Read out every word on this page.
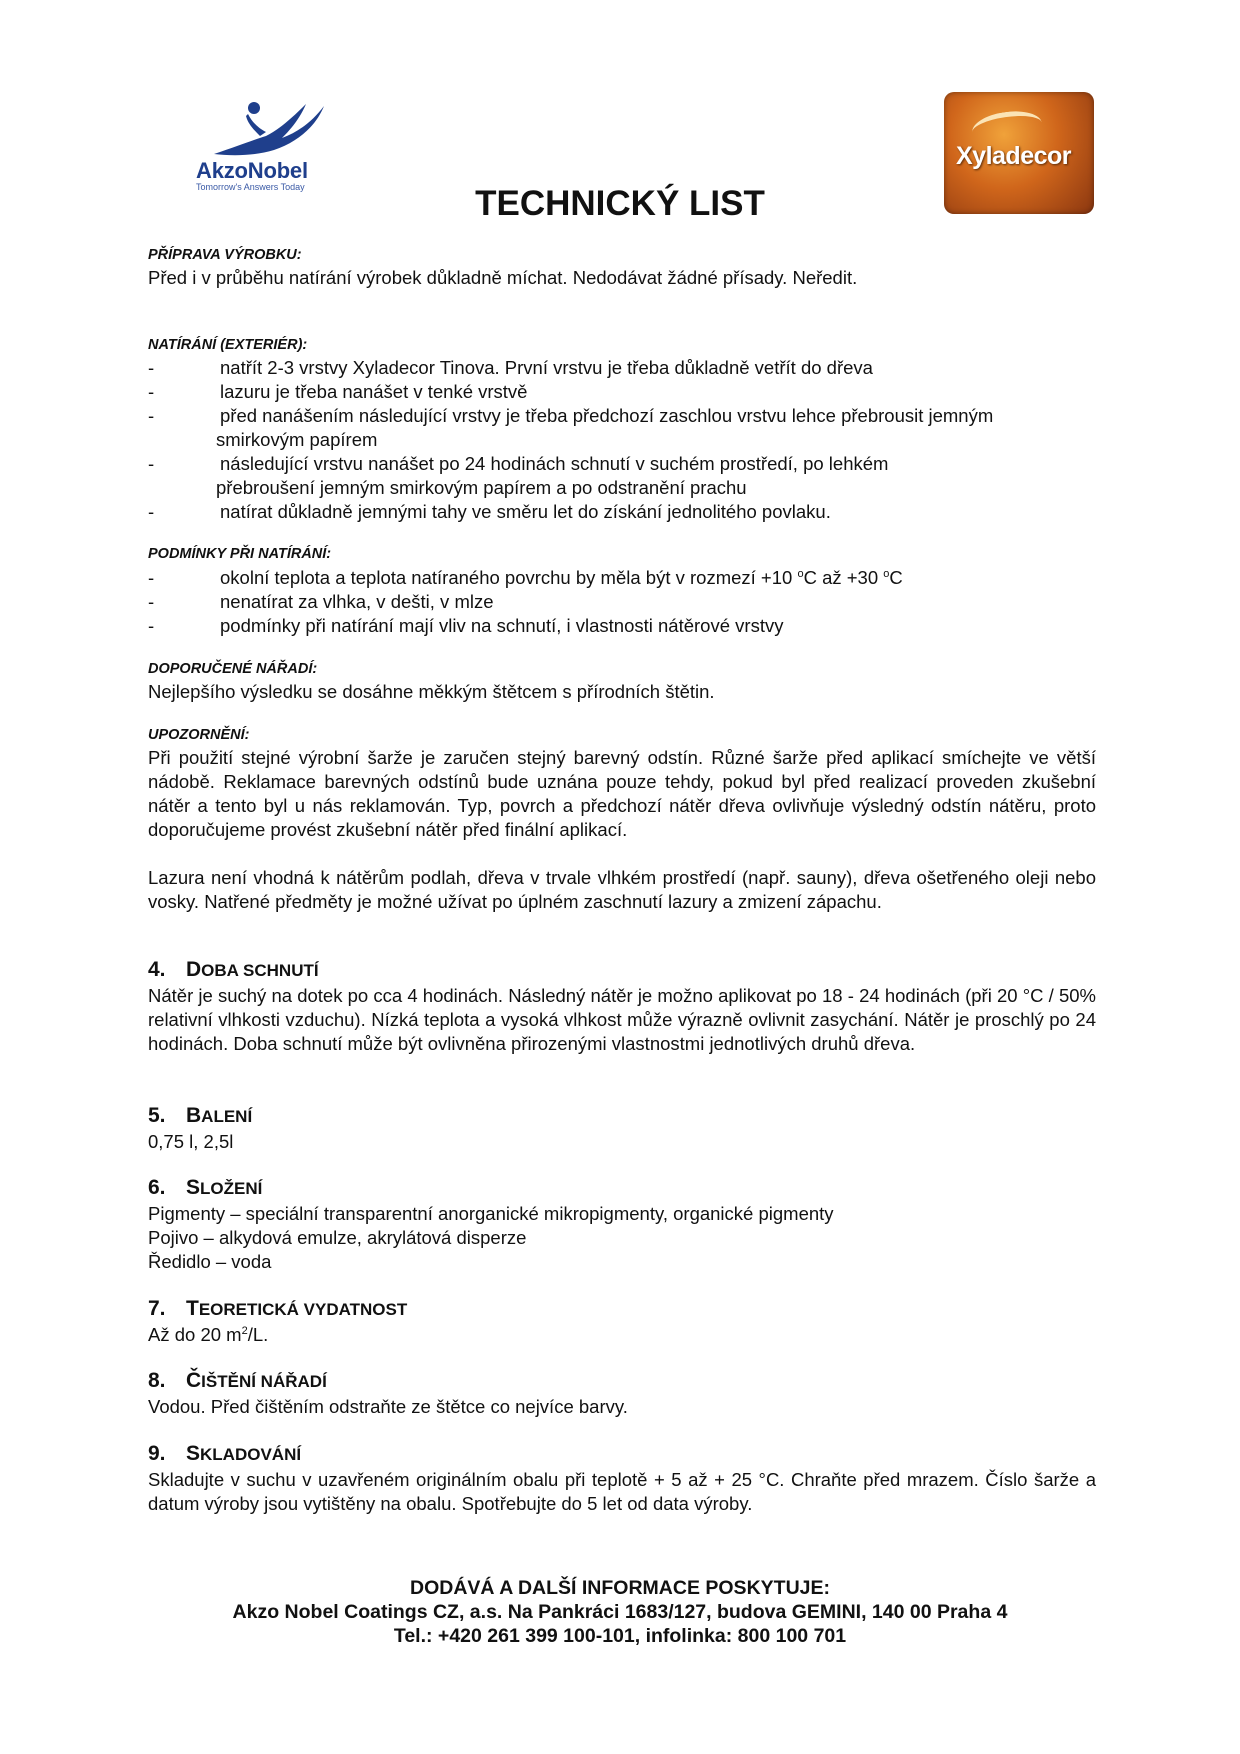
AkzoNobel
Tomorrow's Answers Today
Xyladecor
TECHNICKÝ LIST
PŘÍPRAVA VÝROBKU:
Před i v průběhu natírání výrobek důkladně míchat. Nedodávat žádné přísady. Neředit.
NATÍRÁNÍ (EXTERIÉR):
-	natřít 2-3 vrstvy Xyladecor Tinova. První vrstvu je třeba důkladně vetřít do dřeva
-	lazuru je třeba nanášet v tenké vrstvě
-	před nanášením následující vrstvy je třeba předchozí zaschlou vrstvu lehce přebrousit jemným
smirkovým papírem
-	následující vrstvu nanášet po 24 hodinách schnutí v suchém prostředí, po lehkém
přebroušení jemným smirkovým papírem a po odstranění prachu
-	natírat důkladně jemnými tahy ve směru let do získání jednolitého povlaku.
PODMÍNKY PŘI NATÍRÁNÍ:
-	okolní teplota a teplota natíraného povrchu by měla být v rozmezí +10 $^o$C až +30 $^o$C
-	nenatírat za vlhka, v dešti, v mlze
-	podmínky při natírání mají vliv na schnutí, i vlastnosti nátěrové vrstvy
DOPORUČENÉ NÁŘADÍ:
Nejlepšího výsledku se dosáhne měkkým štětcem s přírodních štětin.
UPOZORNĚNÍ:
Při použití stejné výrobní šarže je zaručen stejný barevný odstín. Různé šarže před aplikací smíchejte ve větší nádobě. Reklamace barevných odstínů bude uznána pouze tehdy, pokud byl před realizací proveden zkušební nátěr a tento byl u nás reklamován. Typ, povrch a předchozí nátěr dřeva ovlivňuje výsledný odstín nátěru, proto doporučujeme provést zkušební nátěr před finální aplikací.
Lazura není vhodná k nátěrům podlah, dřeva v trvale vlhkém prostředí (např. sauny), dřeva ošetřeného oleji nebo vosky. Natřené předměty je možné užívat po úplném zaschnutí lazury a zmizení zápachu.
4. DOBA SCHNUTÍ
Nátěr je suchý na dotek po cca 4 hodinách. Následný nátěr je možno aplikovat po 18 - 24 hodinách (při 20 °C / 50% relativní vlhkosti vzduchu). Nízká teplota a vysoká vlhkost může výrazně ovlivnit zasychání. Nátěr je proschlý po 24 hodinách. Doba schnutí může být ovlivněna přirozenými vlastnostmi jednotlivých druhů dřeva.
5. BALENÍ
0,75 l, 2,5l
6. SLOŽENÍ
Pigmenty – speciální transparentní anorganické mikropigmenty, organické pigmenty
Pojivo – alkydová emulze, akrylátová disperze
Ředidlo – voda
7. TEORETICKÁ VYDATNOST
Až do 20 $m^2/L$.
8. ČIŠTĚNÍ NÁŘADÍ
Vodou. Před čištěním odstraňte ze štětce co nejvíce barvy.
9. SKLADOVÁNÍ
Skladujte v suchu v uzavřeném originálním obalu při teplotě + 5 až + 25 °C. Chraňte před mrazem. Číslo šarže a datum výroby jsou vytištěny na obalu. Spotřebujte do 5 let od data výroby.
DODÁVÁ A DALŠÍ INFORMACE POSKYTUJE:
Akzo Nobel Coatings CZ, a.s. Na Pankráci 1683/127, budova GEMINI, 140 00 Praha 4
Tel.: +420 261 399 100-101, infolinka: 800 100 701
